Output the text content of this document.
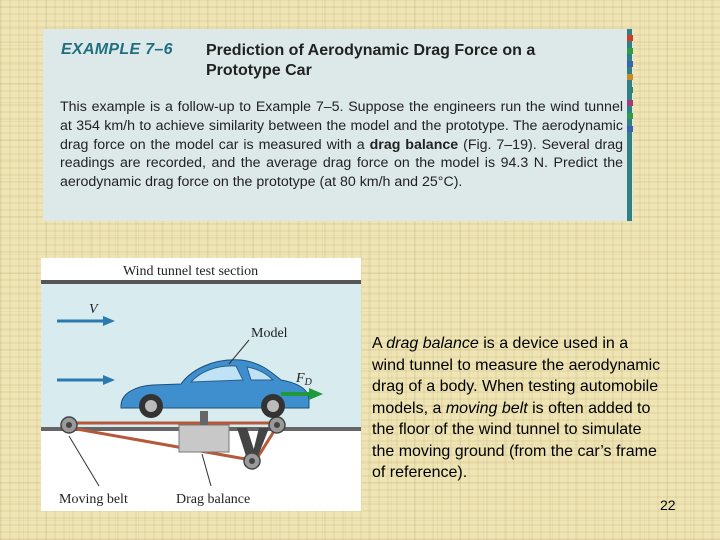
EXAMPLE 7–6 Prediction of Aerodynamic Drag Force on a Prototype Car
This example is a follow-up to Example 7–5. Suppose the engineers run the wind tunnel at 354 km/h to achieve similarity between the model and the prototype. The aerodynamic drag force on the model car is measured with a drag balance (Fig. 7–19). Several drag readings are recorded, and the average drag force on the model is 94.3 N. Predict the aerodynamic drag force on the prototype (at 80 km/h and 25°C).
Wind tunnel test section
V
Model
$F_D$
Moving belt	Drag balance
A drag balance is a device used in a wind tunnel to measure the aerodynamic drag of a body. When testing automobile models, a moving belt is often added to the floor of the wind tunnel to simulate the moving ground (from the car’s frame of reference).
22
